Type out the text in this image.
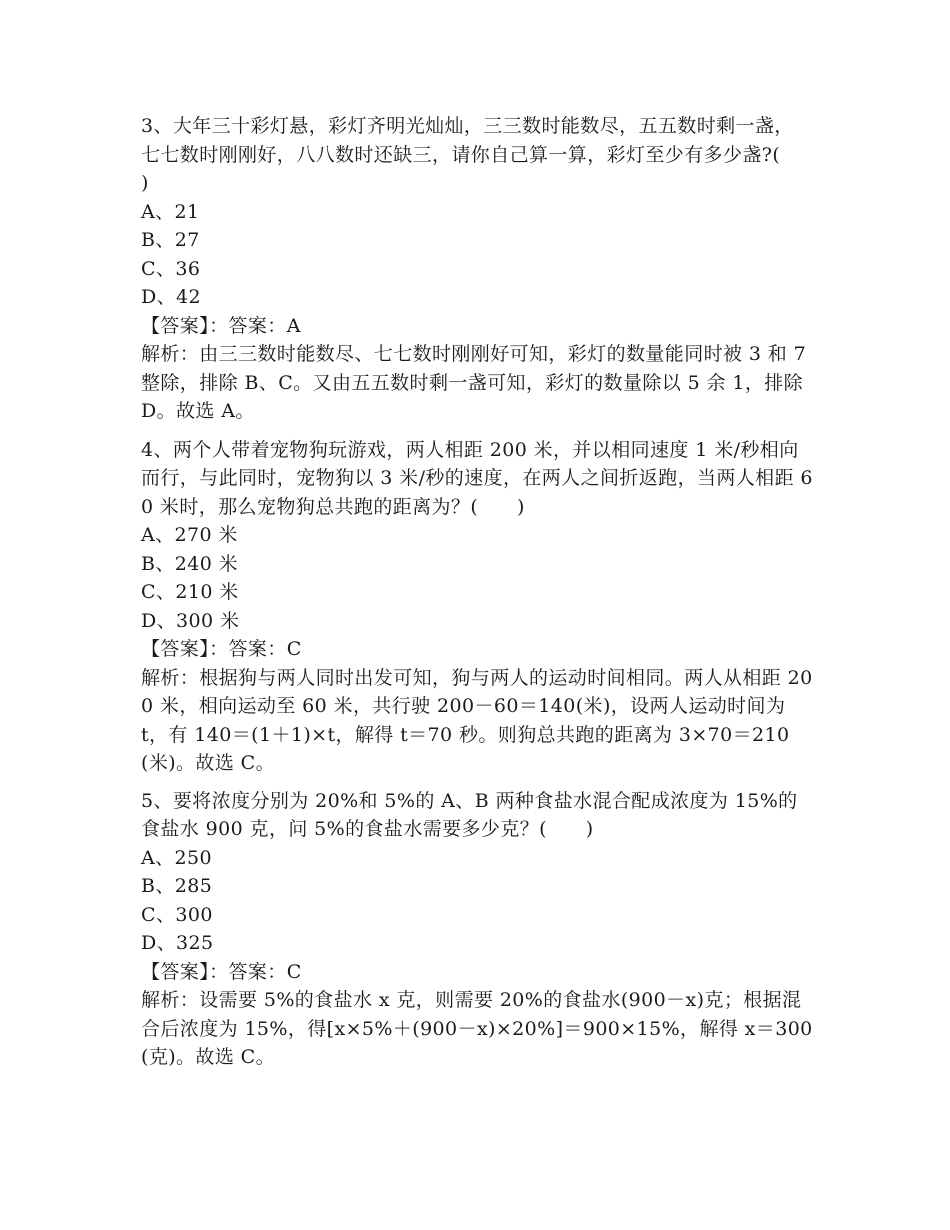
3、大年三十彩灯悬，彩灯齐明光灿灿，三三数时能数尽，五五数时剩一盏，七七数时刚刚好，八八数时还缺三，请你自己算一算，彩灯至少有多少盏?(　　)

A、21

B、27

C、36

D、42

【答案】：答案：A

解析：由三三数时能数尽、七七数时刚刚好可知，彩灯的数量能同时被 3 和 7 整除，排除 B、C。又由五五数时剩一盏可知，彩灯的数量除以 5 余 1，排除 D。故选 A。

4、两个人带着宠物狗玩游戏，两人相距 200 米，并以相同速度 1 米/秒相向而行，与此同时，宠物狗以 3 米/秒的速度，在两人之间折返跑，当两人相距 60 米时，那么宠物狗总共跑的距离为？(　　)

A、270 米

B、240 米

C、210 米

D、300 米

【答案】：答案：C

解析：根据狗与两人同时出发可知，狗与两人的运动时间相同。两人从相距 200 米，相向运动至 60 米，共行驶 200－60＝140(米)，设两人运动时间为 t，有 140＝(1＋1)×t，解得 t＝70 秒。则狗总共跑的距离为 3×70＝210(米)。故选 C。

5、要将浓度分别为 20%和 5%的 A、B 两种食盐水混合配成浓度为 15%的食盐水 900 克，问 5%的食盐水需要多少克？(　　)

A、250

B、285

C、300

D、325

【答案】：答案：C

解析：设需要 5%的食盐水 x 克，则需要 20%的食盐水(900－x)克；根据混合后浓度为 15%，得[x×5%＋(900－x)×20%]＝900×15%，解得 x＝300(克)。故选 C。
